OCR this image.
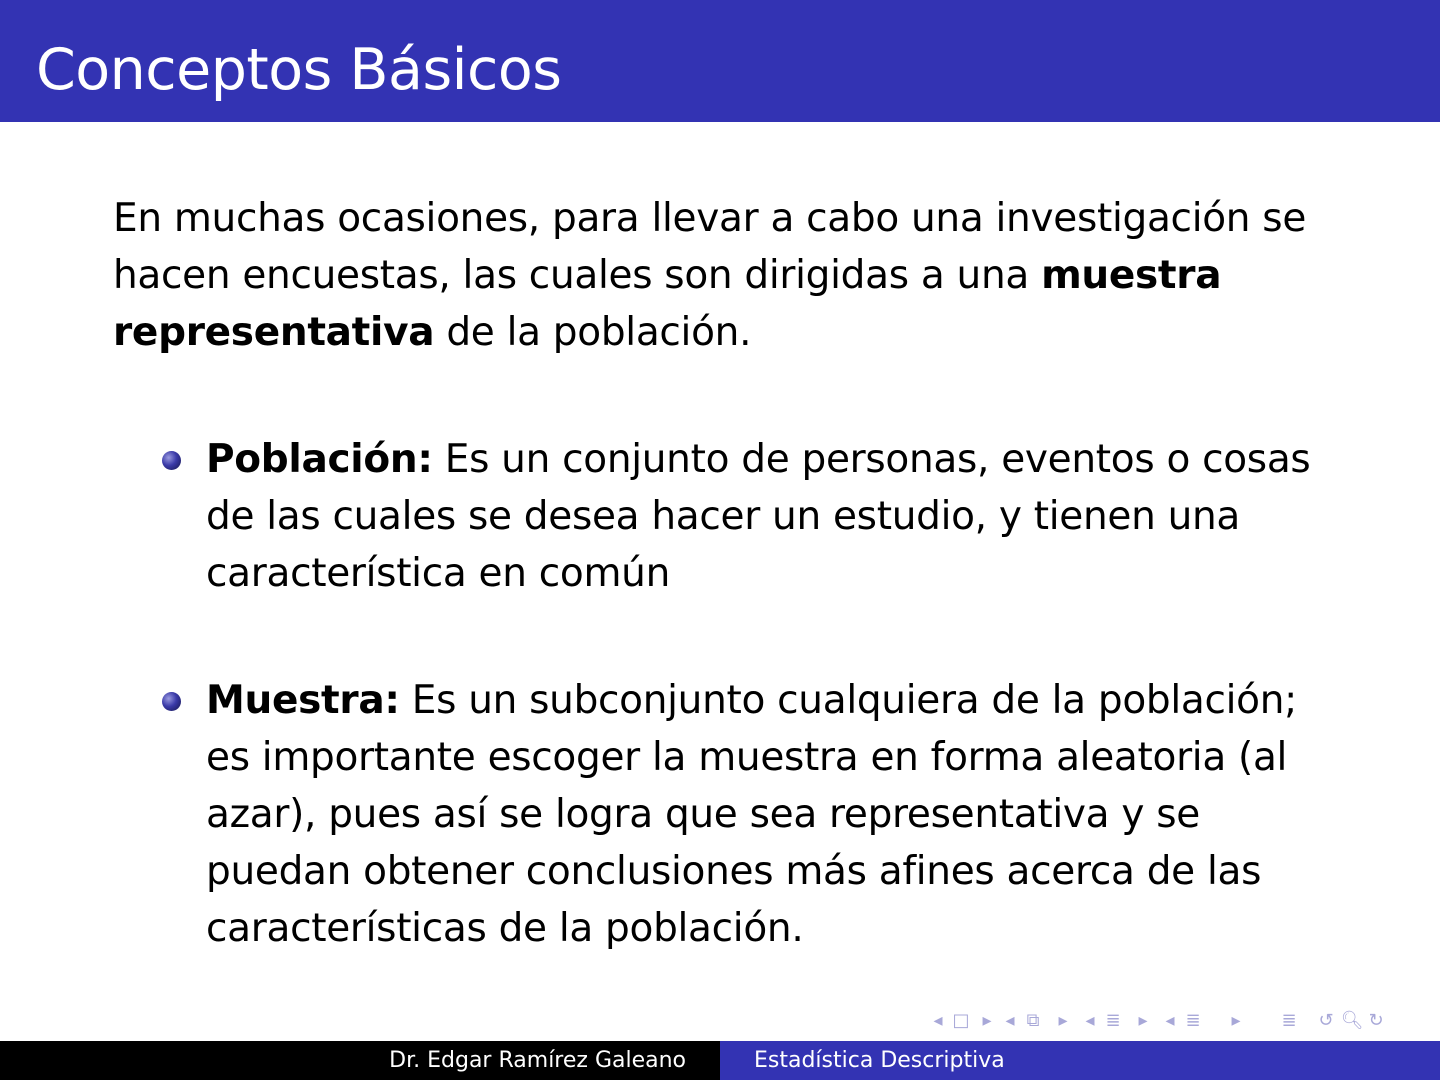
Conceptos Básicos

En muchas ocasiones, para llevar a cabo una investigación se hacen encuestas, las cuales son dirigidas a una muestra representativa de la población.

Población: Es un conjunto de personas, eventos o cosas de las cuales se desea hacer un estudio, y tienen una característica en común
Muestra: Es un subconjunto cualquiera de la población; es importante escoger la muestra en forma aleatoria (al azar), pues así se logra que sea representativa y se puedan obtener conclusiones más afines acerca de las características de la población.
◂ □ ▸ ◂ ⧉	▸ ◂ ≣ ▸ ◂ ≣	▸	≣	↺ 🔍︎ ↻
Dr. Edgar Ramírez Galeano	Estadística Descriptiva
